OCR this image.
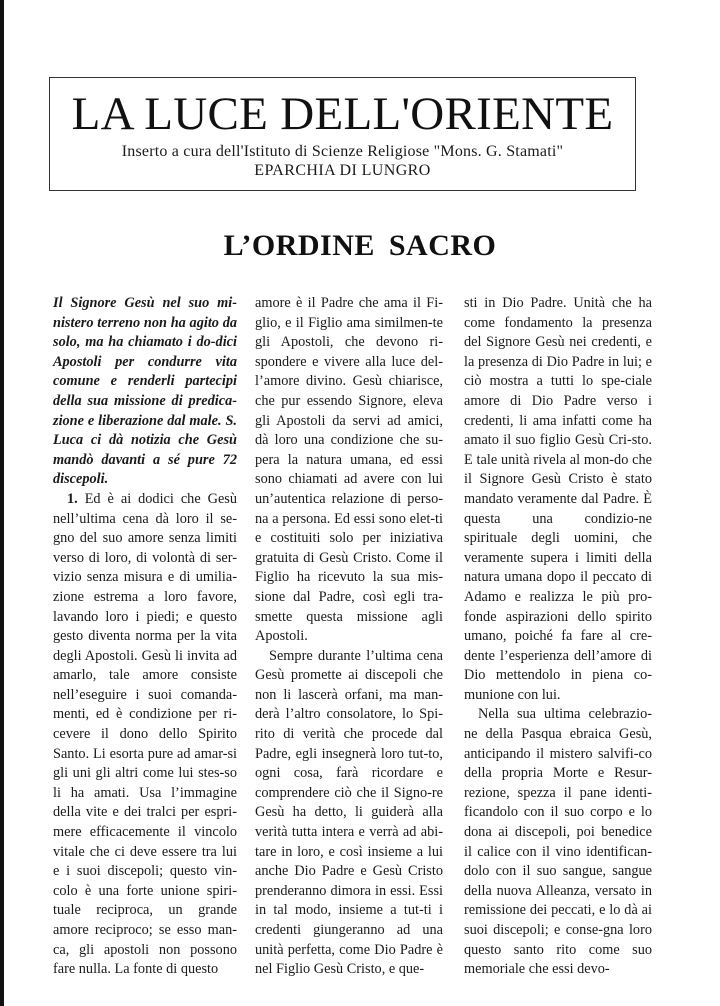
LA LUCE DELL'ORIENTE
Inserto a cura dell'Istituto di Scienze Religiose "Mons. G. Stamati"
EPARCHIA DI LUNGRO
L’ORDINE SACRO

Il Signore Gesù nel suo mi-nistero terreno non ha agito da solo, ma ha chiamato i do-dici Apostoli per condurre vita comune e renderli partecipi della sua missione di predica-zione e liberazione dal male. S. Luca ci dà notizia che Gesù mandò davanti a sé pure 72 discepoli.

1. Ed è ai dodici che Gesù nell’ultima cena dà loro il se-gno del suo amore senza limiti verso di loro, di volontà di ser-vizio senza misura e di umilia-zione estrema a loro favore, lavando loro i piedi; e questo gesto diventa norma per la vita degli Apostoli. Gesù li invita ad amarlo, tale amore consiste nell’eseguire i suoi comanda-menti, ed è condizione per ri-cevere il dono dello Spirito Santo. Li esorta pure ad amar-si gli uni gli altri come lui stes-so li ha amati. Usa l’immagine della vite e dei tralci per espri-mere efficacemente il vincolo vitale che ci deve essere tra lui e i suoi discepoli; questo vin-colo è una forte unione spiri-tuale reciproca, un grande amore reciproco; se esso man-ca, gli apostoli non possono fare nulla. La fonte di questo

amore è il Padre che ama il Fi-glio, e il Figlio ama similmen-te gli Apostoli, che devono ri-spondere e vivere alla luce del-l’amore divino. Gesù chiarisce, che pur essendo Signore, eleva gli Apostoli da servi ad amici, dà loro una condizione che su-pera la natura umana, ed essi sono chiamati ad avere con lui un’autentica relazione di perso-na a persona. Ed essi sono elet-ti e costituiti solo per iniziativa gratuita di Gesù Cristo. Come il Figlio ha ricevuto la sua mis-sione dal Padre, così egli tra-smette questa missione agli Apostoli.

Sempre durante l’ultima cena Gesù promette ai discepoli che non li lascerà orfani, ma man-derà l’altro consolatore, lo Spi-rito di verità che procede dal Padre, egli insegnerà loro tut-to, ogni cosa, farà ricordare e comprendere ciò che il Signo-re Gesù ha detto, li guiderà alla verità tutta intera e verrà ad abi-tare in loro, e così insieme a lui anche Dio Padre e Gesù Cristo prenderanno dimora in essi. Essi in tal modo, insieme a tut-ti i credenti giungeranno ad una unità perfetta, come Dio Padre è nel Figlio Gesù Cristo, e que-

sti in Dio Padre. Unità che ha come fondamento la presenza del Signore Gesù nei credenti, e la presenza di Dio Padre in lui; e ciò mostra a tutti lo spe-ciale amore di Dio Padre verso i credenti, li ama infatti come ha amato il suo figlio Gesù Cri-sto. E tale unità rivela al mon-do che il Signore Gesù Cristo è stato mandato veramente dal Padre. È questa una condizio-ne spirituale degli uomini, che veramente supera i limiti della natura umana dopo il peccato di Adamo e realizza le più pro-fonde aspirazioni dello spirito umano, poiché fa fare al cre-dente l’esperienza dell’amore di Dio mettendolo in piena co-munione con lui.

Nella sua ultima celebrazio-ne della Pasqua ebraica Gesù, anticipando il mistero salvifi-co della propria Morte e Resur-rezione, spezza il pane identi-ficandolo con il suo corpo e lo dona ai discepoli, poi benedice il calice con il vino identifican-dolo con il suo sangue, sangue della nuova Alleanza, versato in remissione dei peccati, e lo dà ai suoi discepoli; e conse-gna loro questo santo rito come suo memoriale che essi devo-
